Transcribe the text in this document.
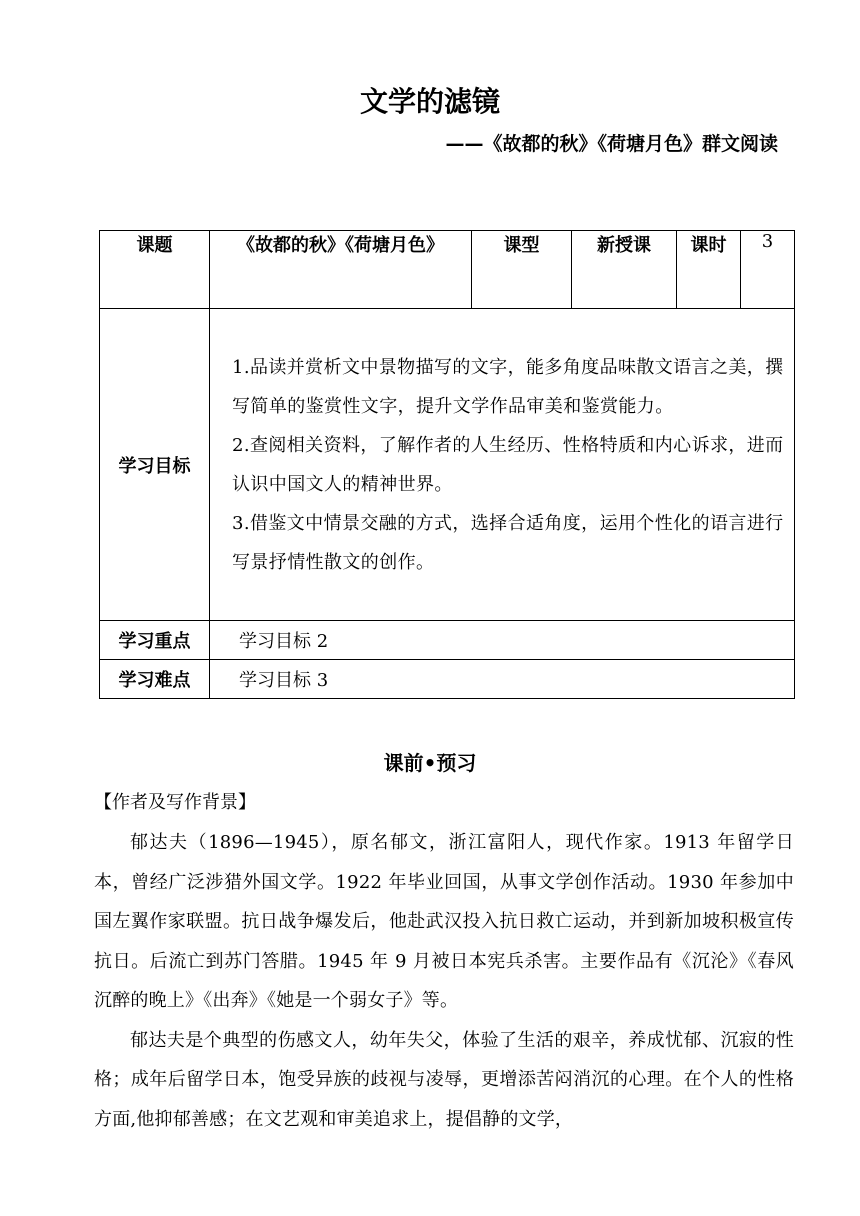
文学的滤镜
——《故都的秋》《荷塘月色》群文阅读
课题	《故都的秋》《荷塘月色》	课型	新授课	课时	3
学习目标	1.品读并赏析文中景物描写的文字，能多角度品味散文语言之美，撰写简单的鉴赏性文字，提升文学作品审美和鉴赏能力。
2.查阅相关资料，了解作者的人生经历、性格特质和内心诉求，进而认识中国文人的精神世界。
3.借鉴文中情景交融的方式，选择合适角度，运用个性化的语言进行写景抒情性散文的创作。				

学习重点	学习目标 2				
学习难点	学习目标 3				
课前•预习
【作者及写作背景】

郁达夫（1896—1945），原名郁文，浙江富阳人，现代作家。1913 年留学日本，曾经广泛涉猎外国文学。1922 年毕业回国，从事文学创作活动。1930 年参加中国左翼作家联盟。抗日战争爆发后，他赴武汉投入抗日救亡运动，并到新加坡积极宣传抗日。后流亡到苏门答腊。1945 年 9 月被日本宪兵杀害。主要作品有《沉沦》《春风沉醉的晚上》《出奔》《她是一个弱女子》等。

郁达夫是个典型的伤感文人，幼年失父，体验了生活的艰辛，养成忧郁、沉寂的性格；成年后留学日本，饱受异族的歧视与凌辱，更增添苦闷消沉的心理。在个人的性格方面,他抑郁善感；在文艺观和审美追求上，提倡静的文学，
